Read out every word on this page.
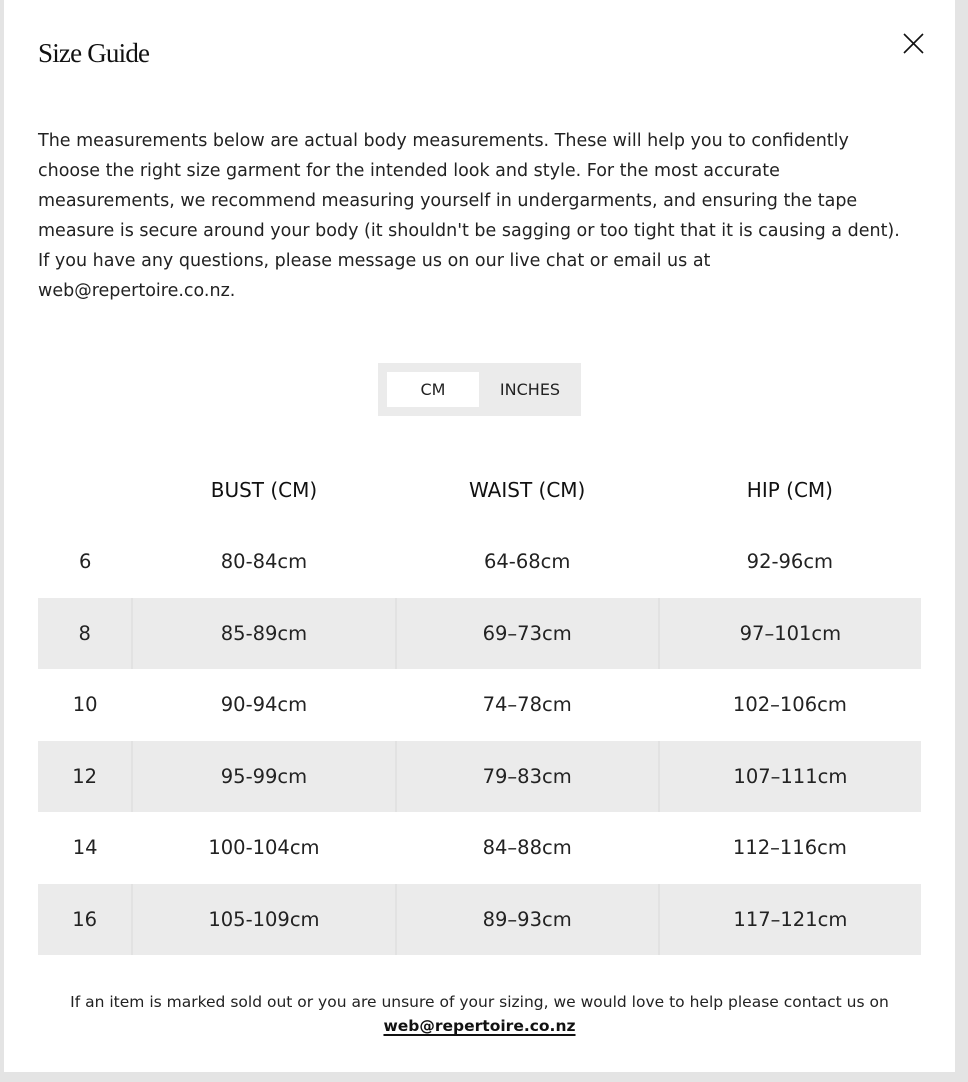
Size Guide

The measurements below are actual body measurements. These will help you to confidently choose the right size garment for the intended look and style. For the most accurate measurements, we recommend measuring yourself in undergarments, and ensuring the tape measure is secure around your body (it shouldn't be sagging or too tight that it is causing a dent). If you have any questions, please message us on our live chat or email us at web@repertoire.co.nz.

CM	INCHES
	BUST (CM)	WAIST (CM)	HIP (CM)
6	80-84cm	64-68cm	92-96cm
8	85-89cm	69–73cm	97–101cm
10	90-94cm	74–78cm	102–106cm
12	95-99cm	79–83cm	107–111cm
14	100-104cm	84–88cm	112–116cm
16	105-109cm	89–93cm	117–121cm
If an item is marked sold out or you are unsure of your sizing, we would love to help please contact us on
web@repertoire.co.nz
